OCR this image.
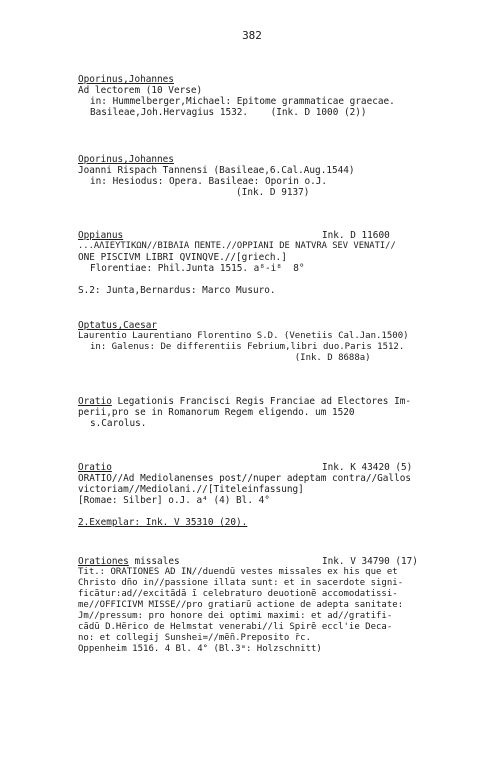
382
Oporinus,Johannes
Ad lectorem (10 Verse)
in: Hummelberger,Michael: Epitome grammaticae graecae.
Basileae,Joh.Hervagius 1532.    (Ink. D 1000 (2))
Oporinus,Johannes
Joanni Rispach Tannensi (Basileae,6.Cal.Aug.1544)
in: Hesiodus: Opera. Basileae: Oporin o.J.
(Ink. D 9137)
Oppianus	Ink. D 11600
...ΑΛΙΕΥΤΙΚΩΝ//ΒΙΒΛΙΑ ΠΕΝΤΕ.//OPPIANI DE NATVRA SEV VENATI//
ONE PISCIVM LIBRI QVINQVE.//[griech.]
Florentiae: Phil.Junta 1515. a⁸-i⁸  8°

S.2: Junta,Bernardus: Marco Musuro.
Optatus,Caesar
Laurentio Laurentiano Florentino S.D. (Venetiis Cal.Jan.1500)
in: Galenus: De differentiis Febrium,libri duo.Paris 1512.
(Ink. D 8688a)
Oratio Legationis Francisci Regis Franciae ad Electores Im-
perii,pro se in Romanorum Regem eligendo. um 1520
s.Carolus.
Oratio	Ink. K 43420 (5)
ORATIO//Ad Mediolanenses post//nuper adeptam contra//Gallos
victoriam//Mediolani.//[Titeleinfassung]
[Romae: Silber] o.J. a⁴ (4) Bl. 4°

2.Exemplar: Ink. V 35310 (20).
Orationes missales	Ink. V 34790 (17)
Tit.: ORATIONES AD IN//duendū vestes missales ex his que et
Christo dño in//passione illata sunt: et in sacerdote signi-
ficãtur:ad//excitãdã ĩ celebraturo deuotionẽ accomodatissi-
me//OFFICIVM MISSE//pro gratiarũ actione de adepta sanitate:
Jm//pressum: pro honore dei optimi maximi: et ad//gratifi-
cãdū D.Hẽrico de Helmstat venerabi//li Spirẽ eccl'ie Deca-
no: et collegij Sunshei=//mẽñ.Preposito r̄c.
Oppenheim 1516. 4 Bl. 4° (Bl.3ᵃ: Holzschnitt)
